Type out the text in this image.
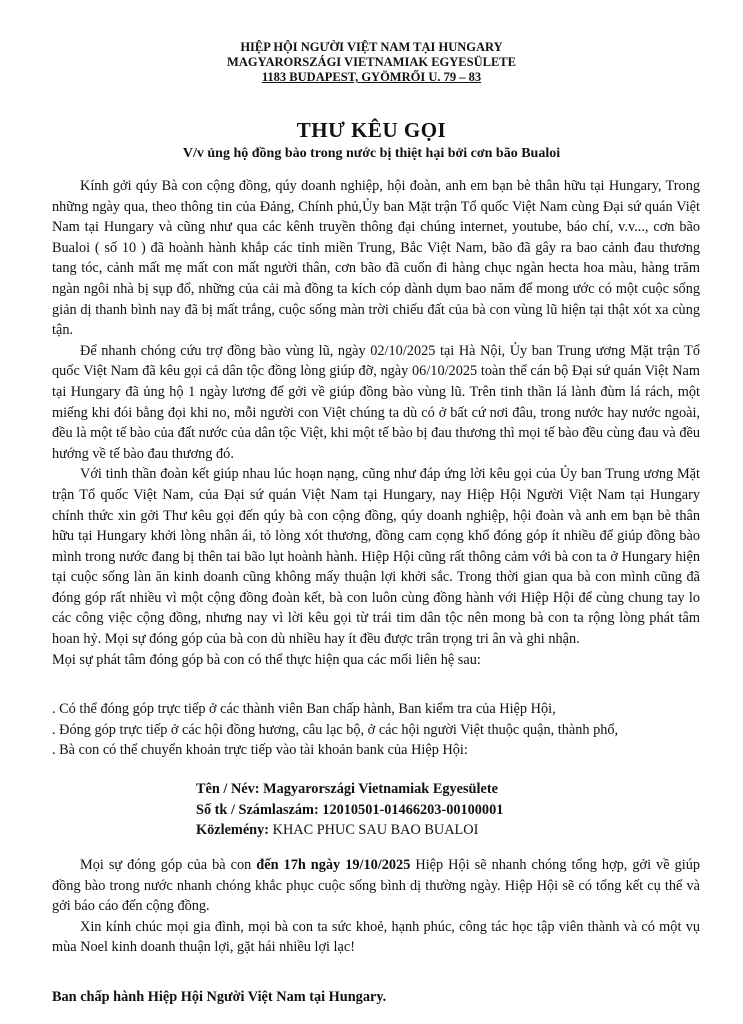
HIỆP HỘI NGƯỜI VIỆT NAM TẠI HUNGARY
MAGYARORSZÁGI VIETNAMIAK EGYESÜLETE
1183 BUDAPEST, GYÖMRŐI U. 79 – 83
THƯ KÊU GỌI
V/v ủng hộ đồng bào trong nước bị thiệt hại bởi cơn bão Bualoi

Kính gởi qúy Bà con cộng đồng, qúy doanh nghiệp, hội đoàn, anh em bạn bè thân hữu tại Hungary, Trong những ngày qua, theo thông tin của Đảng, Chính phủ,Ủy ban Mặt trận Tổ quốc Việt Nam cùng Đại sứ quán Việt Nam tại Hungary và cũng như qua các kênh truyền thông đại chúng internet, youtube, báo chí, v.v..., cơn bão Bualoi ( số 10 ) đã hoành hành khắp các tỉnh miền Trung, Bắc Việt Nam, bão đã gây ra bao cảnh đau thương tang tóc, cảnh mất mẹ mất con mất người thân, cơn bão đã cuốn đi hàng chục ngàn hecta hoa màu, hàng trăm ngàn ngôi nhà bị sụp đổ, những của cải mà đồng ta kích cóp dành dụm bao năm để mong ước có một cuộc sống giản dị thanh bình nay đã bị mất trắng, cuộc sống màn trời chiếu đất của bà con vùng lũ hiện tại thật xót xa cùng tận.

Để nhanh chóng cứu trợ đồng bào vùng lũ, ngày 02/10/2025 tại Hà Nội, Ủy ban Trung ương Mặt trận Tổ quốc Việt Nam đã kêu gọi cả dân tộc đồng lòng giúp đỡ, ngày 06/10/2025 toàn thể cán bộ Đại sứ quán Việt Nam tại Hungary đã ủng hộ 1 ngày lương để gởi về giúp đồng bào vùng lũ. Trên tinh thần lá lành đùm lá rách, một miếng khi đói bằng đọi khi no, mỗi người con Việt chúng ta dù có ở bất cứ nơi đâu, trong nước hay nước ngoài, đều là một tế bào của đất nước của dân tộc Việt, khi một tế bào bị đau thương thì mọi tế bào đều cùng đau và đều hướng về tế bào đau thương đó.

Với tinh thần đoàn kết giúp nhau lúc hoạn nạng, cũng như đáp ứng lời kêu gọi của Ủy ban Trung ương Mặt trận Tổ quốc Việt Nam, của Đại sứ quán Việt Nam tại Hungary, nay Hiệp Hội Người Việt Nam tại Hungary chính thức xin gởi Thư kêu gọi đến qúy bà con cộng đồng, qúy doanh nghiệp, hội đoàn và anh em bạn bè thân hữu tại Hungary khởi lòng nhân ái, tỏ lòng xót thương, đồng cam cọng khổ đóng góp ít nhiều để giúp đồng bào mình trong nước đang bị thên tai bão lụt hoành hành. Hiệp Hội cũng rất thông cảm với bà con ta ở Hungary hiện tại cuộc sống làn ăn kinh doanh cũng không mấy thuận lợi khởi sắc. Trong thời gian qua bà con mình cũng đã đóng góp rất nhiều vì một cộng đồng đoàn kết, bà con luôn cùng đồng hành với Hiệp Hội để cùng chung tay lo các công việc cộng đồng, nhưng nay vì lời kêu gọi từ trái tim dân tộc nên mong bà con ta rộng lòng phát tâm hoan hỷ. Mọi sự đóng góp của bà con dù nhiều hay ít đều được trân trọng tri ân và ghi nhận.

Mọi sự phát tâm đóng góp bà con có thể thực hiện qua các mối liên hệ sau:

. Có thể đóng góp trực tiếp ở các thành viên Ban chấp hành, Ban kiểm tra của Hiệp Hội,
. Đóng góp trực tiếp ở các hội đồng hương, câu lạc bộ, ở các hội người Việt thuộc quận, thành phố,
. Bà con có thể chuyển khoản trực tiếp vào tài khoản bank của Hiệp Hội:
Tên / Név: Magyarországi Vietnamiak Egyesülete
Số tk / Számlaszám: 12010501-01466203-00100001
Közlemény: KHAC PHUC SAU BAO BUALOI

Mọi sự đóng góp của bà con đến 17h ngày 19/10/2025 Hiệp Hội sẽ nhanh chóng tổng hợp, gởi về giúp đồng bào trong nước nhanh chóng khắc phục cuộc sống bình dị thường ngày. Hiệp Hội sẽ có tổng kết cụ thể và gởi báo cáo đến cộng đồng.

Xin kính chúc mọi gia đình, mọi bà con ta sức khoẻ, hạnh phúc, công tác học tập viên thành và có một vụ mùa Noel kinh doanh thuận lợi, gặt hái nhiều lợi lạc!

Ban chấp hành Hiệp Hội Người Việt Nam tại Hungary.
